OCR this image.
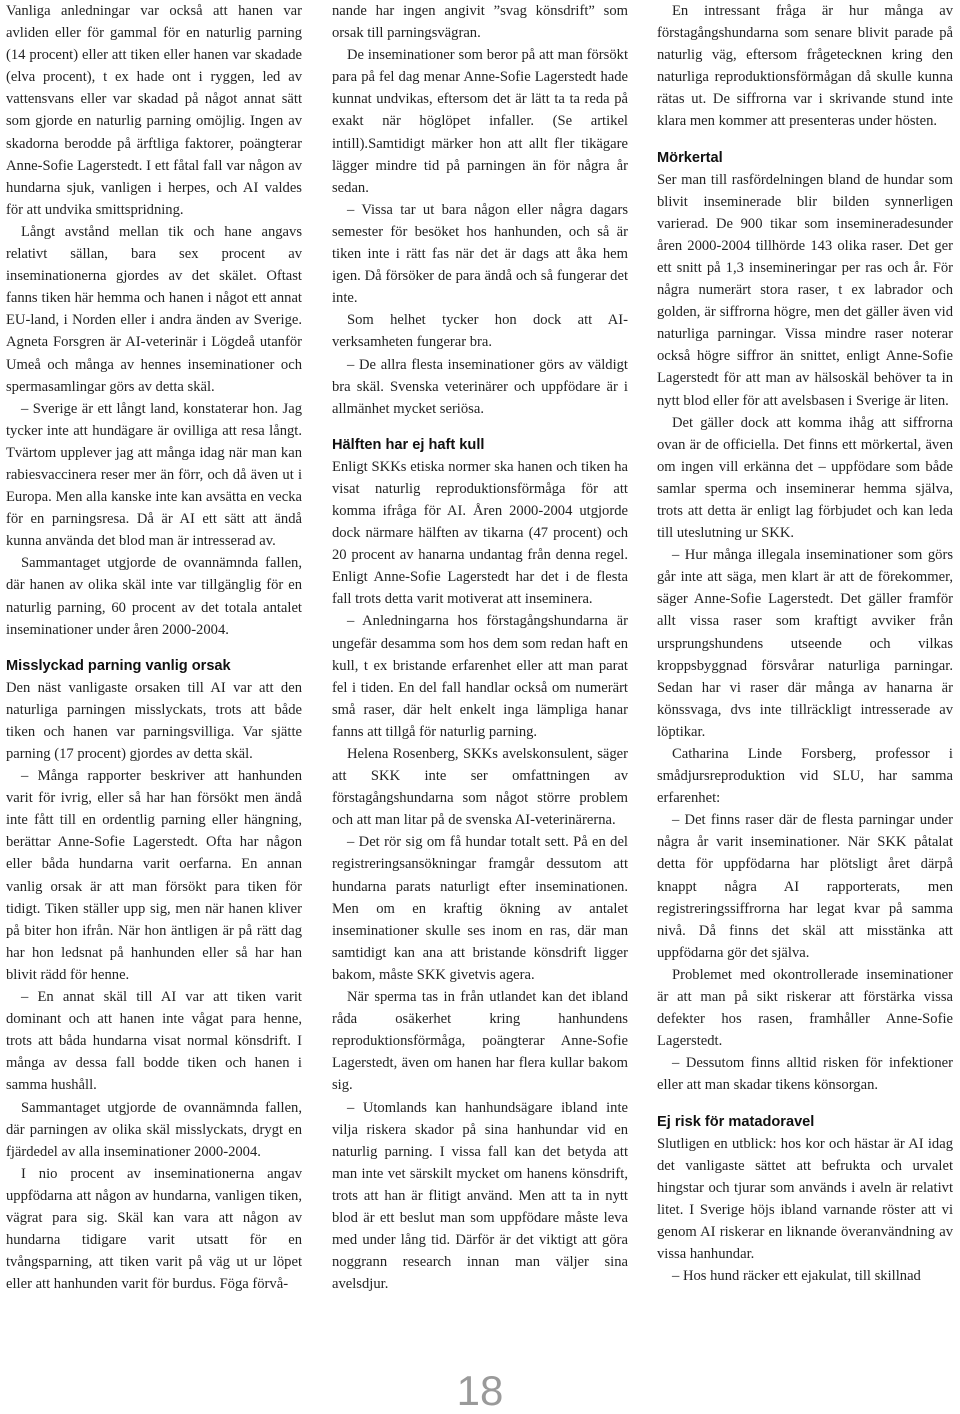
Vanliga anledningar var också att hanen var avliden eller för gammal för en naturlig parning (14 procent) eller att tiken eller hanen var skadade (elva procent), t ex hade ont i ryggen, led av vattensvans eller var skadad på något annat sätt som gjorde en naturlig parning omöjlig. Ingen av skadorna berodde på ärftliga faktorer, poängterar Anne-Sofie Lagerstedt. I ett fåtal fall var någon av hundarna sjuk, vanligen i herpes, och AI valdes för att undvika smittspridning.

Långt avstånd mellan tik och hane angavs relativt sällan, bara sex procent av inseminationerna gjordes av det skälet. Oftast fanns tiken här hemma och hanen i något ett annat EU-land, i Norden eller i andra änden av Sverige. Agneta Forsgren är AI-veterinär i Lögdeå utanför Umeå och många av hennes inseminationer och spermasamlingar görs av detta skäl.

– Sverige är ett långt land, konstaterar hon. Jag tycker inte att hundägare är ovilliga att resa långt. Tvärtom upplever jag att många idag när man kan rabiesvaccinera reser mer än förr, och då även ut i Europa. Men alla kanske inte kan avsätta en vecka för en parningsresa. Då är AI ett sätt att ändå kunna använda det blod man är intresserad av.

Sammantaget utgjorde de ovannämnda fallen, där hanen av olika skäl inte var tillgänglig för en naturlig parning, 60 procent av det totala antalet inseminationer under åren 2000-2004.

Misslyckad parning vanlig orsak

Den näst vanligaste orsaken till AI var att den naturliga parningen misslyckats, trots att både tiken och hanen var parningsvilliga. Var sjätte parning (17 procent) gjordes av detta skäl.

– Många rapporter beskriver att hanhunden varit för ivrig, eller så har han försökt men ändå inte fått till en ordentlig parning eller hängning, berättar Anne-Sofie Lagerstedt. Ofta har någon eller båda hundarna varit oerfarna. En annan vanlig orsak är att man försökt para tiken för tidigt. Tiken ställer upp sig, men när hanen kliver på biter hon ifrån. När hon äntligen är på rätt dag har hon ledsnat på hanhunden eller så har han blivit rädd för henne.

– En annat skäl till AI var att tiken varit dominant och att hanen inte vågat para henne, trots att båda hundarna visat normal könsdrift. I många av dessa fall bodde tiken och hanen i samma hushåll.

Sammantaget utgjorde de ovannämnda fallen, där parningen av olika skäl misslyckats, drygt en fjärdedel av alla inseminationer 2000-2004.

I nio procent av inseminationerna angav uppfödarna att någon av hundarna, vanligen tiken, vägrat para sig. Skäl kan vara att någon av hundarna tidigare varit utsatt för en tvångsparning, att tiken varit på väg ut ur löpet eller att hanhunden varit för burdus. Föga förvå-

nande har ingen angivit ”svag könsdrift” som orsak till parningsvägran.

De inseminationer som beror på att man försökt para på fel dag menar Anne-Sofie Lagerstedt hade kunnat undvikas, eftersom det är lätt ta ta reda på exakt när höglöpet infaller. (Se artikel intill).Samtidigt märker hon att allt fler tikägare lägger mindre tid på parningen än för några år sedan.

– Vissa tar ut bara någon eller några dagars semester för besöket hos hanhunden, och så är tiken inte i rätt fas när det är dags att åka hem igen. Då försöker de para ändå och så fungerar det inte.

Som helhet tycker hon dock att AI-verksamheten fungerar bra.

– De allra flesta inseminationer görs av väldigt bra skäl. Svenska veterinärer och uppfödare är i allmänhet mycket seriösa.

Hälften har ej haft kull

Enligt SKKs etiska normer ska hanen och tiken ha visat naturlig reproduktionsförmåga för att komma ifråga för AI. Åren 2000-2004 utgjorde dock närmare hälften av tikarna (47 procent) och 20 procent av hanarna undantag från denna regel. Enligt Anne-Sofie Lagerstedt har det i de flesta fall trots detta varit motiverat att inseminera.

– Anledningarna hos förstagångshundarna är ungefär desamma som hos dem som redan haft en kull, t ex bristande erfarenhet eller att man parat fel i tiden. En del fall handlar också om numerärt små raser, där helt enkelt inga lämpliga hanar fanns att tillgå för naturlig parning.

Helena Rosenberg, SKKs avelskonsulent, säger att SKK inte ser omfattningen av förstagångshundarna som något större problem och att man litar på de svenska AI-veterinärerna.

– Det rör sig om få hundar totalt sett. På en del registreringsansökningar framgår dessutom att hundarna parats naturligt efter inseminationen. Men om en kraftig ökning av antalet inseminationer skulle ses inom en ras, där man samtidigt kan ana att bristande könsdrift ligger bakom, måste SKK givetvis agera.

När sperma tas in från utlandet kan det ibland råda osäkerhet kring hanhundens reproduktionsförmåga, poängterar Anne-Sofie Lagerstedt, även om hanen har flera kullar bakom sig.

– Utomlands kan hanhundsägare ibland inte vilja riskera skador på sina hanhundar vid en naturlig parning. I vissa fall kan det betyda att man inte vet särskilt mycket om hanens könsdrift, trots att han är flitigt använd. Men att ta in nytt blod är ett beslut man som uppfödare måste leva med under lång tid. Därför är det viktigt att göra noggrann research innan man väljer sina avelsdjur.

En intressant fråga är hur många av förstagångshundarna som senare blivit parade på naturlig väg, eftersom frågetecknen kring den naturliga reproduktionsförmågan då skulle kunna rätas ut. De siffrorna var i skrivande stund inte klara men kommer att presenteras under hösten.

Mörkertal

Ser man till rasfördelningen bland de hundar som blivit inseminerade blir bilden synnerligen varierad. De 900 tikar som insemineradesunder åren 2000-2004 tillhörde 143 olika raser. Det ger ett snitt på 1,3 insemineringar per ras och år. För några numerärt stora raser, t ex labrador och golden, är siffrorna högre, men det gäller även vid naturliga parningar. Vissa mindre raser noterar också högre siffror än snittet, enligt Anne-Sofie Lagerstedt för att man av hälsoskäl behöver ta in nytt blod eller för att avelsbasen i Sverige är liten.

Det gäller dock att komma ihåg att siffrorna ovan är de officiella. Det finns ett mörkertal, även om ingen vill erkänna det – uppfödare som både samlar sperma och inseminerar hemma själva, trots att detta är enligt lag förbjudet och kan leda till uteslutning ur SKK.

– Hur många illegala inseminationer som görs går inte att säga, men klart är att de förekommer, säger Anne-Sofie Lagerstedt. Det gäller framför allt vissa raser som kraftigt avviker från ursprungshundens utseende och vilkas kroppsbyggnad försvårar naturliga parningar. Sedan har vi raser där många av hanarna är könssvaga, dvs inte tillräckligt intresserade av löptikar.

Catharina Linde Forsberg, professor i smådjursreproduktion vid SLU, har samma erfarenhet:

– Det finns raser där de flesta parningar under några år varit inseminationer. När SKK påtalat detta för uppfödarna har plötsligt året därpå knappt några AI rapporterats, men registreringssiffrorna har legat kvar på samma nivå. Då finns det skäl att misstänka att uppfödarna gör det själva.

Problemet med okontrollerade inseminationer är att man på sikt riskerar att förstärka vissa defekter hos rasen, framhåller Anne-Sofie Lagerstedt.

– Dessutom finns alltid risken för infektioner eller att man skadar tikens könsorgan.

Ej risk för matadoravel

Slutligen en utblick: hos kor och hästar är AI idag det vanligaste sättet att befrukta och urvalet hingstar och tjurar som används i aveln är relativt litet. I Sverige höjs ibland varnande röster att vi genom AI riskerar en liknande överanvändning av vissa hanhundar.

– Hos hund räcker ett ejakulat, till skillnad

18
